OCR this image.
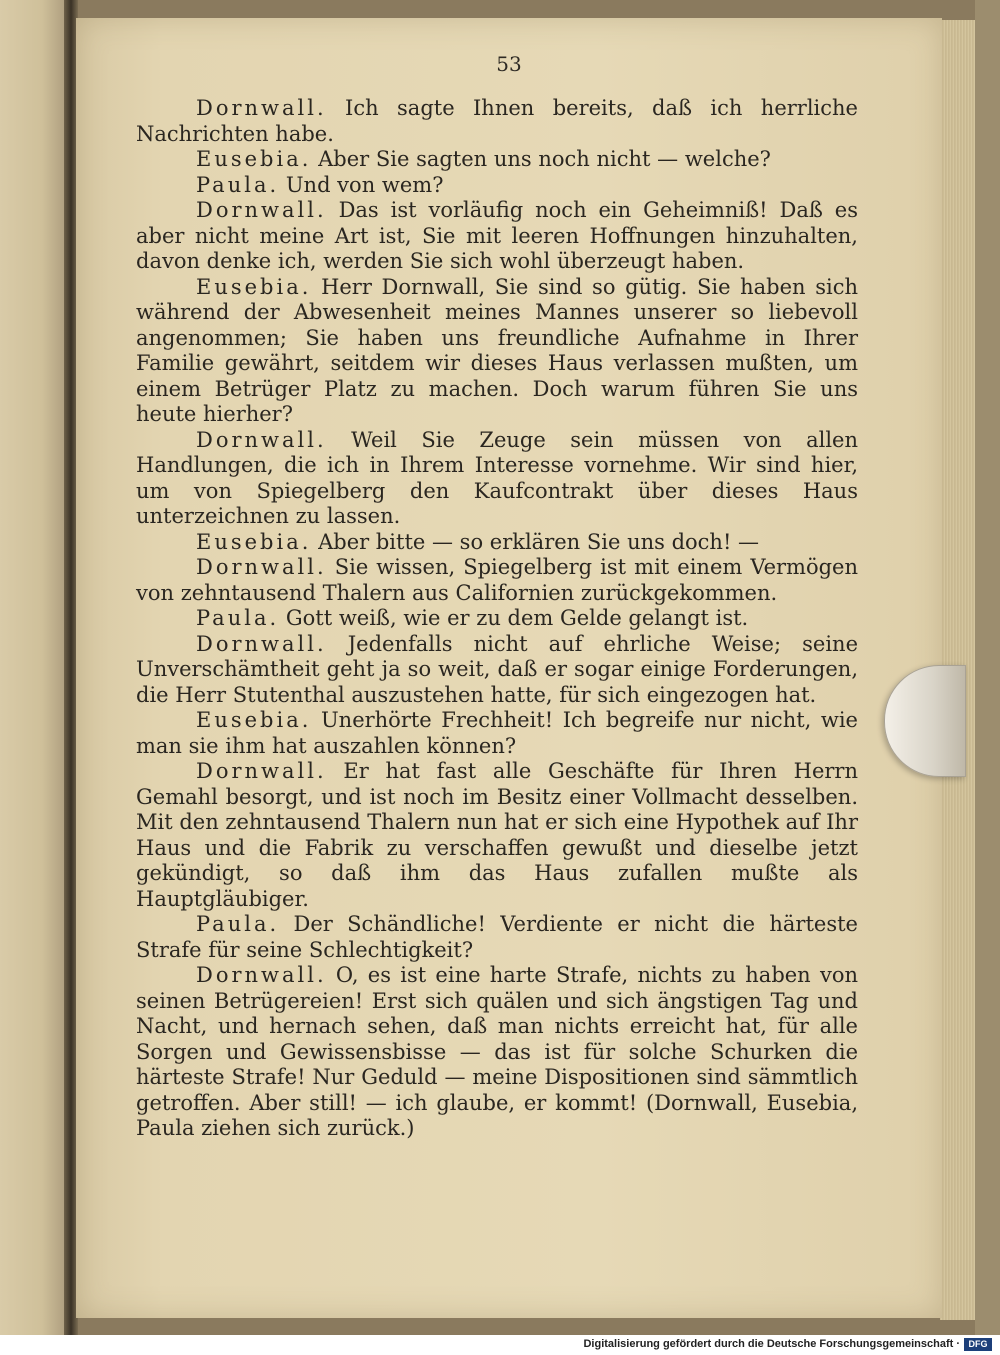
53

Dornwall. Ich sagte Ihnen bereits, daß ich herrliche Nachrichten habe.

Eusebia. Aber Sie sagten uns noch nicht — welche?

Paula. Und von wem?

Dornwall. Das ist vorläufig noch ein Geheimniß! Daß es aber nicht meine Art ist, Sie mit leeren Hoffnungen hinzuhalten, davon denke ich, werden Sie sich wohl überzeugt haben.

Eusebia. Herr Dornwall, Sie sind so gütig. Sie haben sich während der Abwesenheit meines Mannes unserer so liebevoll angenommen; Sie haben uns freundliche Aufnahme in Ihrer Familie gewährt, seitdem wir dieses Haus verlassen mußten, um einem Betrüger Platz zu machen. Doch warum führen Sie uns heute hierher?

Dornwall. Weil Sie Zeuge sein müssen von allen Handlungen, die ich in Ihrem Interesse vornehme. Wir sind hier, um von Spiegelberg den Kaufcontrakt über dieses Haus unterzeichnen zu lassen.

Eusebia. Aber bitte — so erklären Sie uns doch! —

Dornwall. Sie wissen, Spiegelberg ist mit einem Vermögen von zehntausend Thalern aus Californien zurückgekommen.

Paula. Gott weiß, wie er zu dem Gelde gelangt ist.

Dornwall. Jedenfalls nicht auf ehrliche Weise; seine Unverschämtheit geht ja so weit, daß er sogar einige Forderungen, die Herr Stutenthal auszustehen hatte, für sich eingezogen hat.

Eusebia. Unerhörte Frechheit! Ich begreife nur nicht, wie man sie ihm hat auszahlen können?

Dornwall. Er hat fast alle Geschäfte für Ihren Herrn Gemahl besorgt, und ist noch im Besitz einer Vollmacht desselben. Mit den zehntausend Thalern nun hat er sich eine Hypothek auf Ihr Haus und die Fabrik zu verschaffen gewußt und dieselbe jetzt gekündigt, so daß ihm das Haus zufallen mußte als Hauptgläubiger.

Paula. Der Schändliche! Verdiente er nicht die härteste Strafe für seine Schlechtigkeit?

Dornwall. O, es ist eine harte Strafe, nichts zu haben von seinen Betrügereien! Erst sich quälen und sich ängstigen Tag und Nacht, und hernach sehen, daß man nichts erreicht hat, für alle Sorgen und Gewissensbisse — das ist für solche Schurken die härteste Strafe! Nur Geduld — meine Dispositionen sind sämmtlich getroffen. Aber still! — ich glaube, er kommt! (Dornwall, Eusebia, Paula ziehen sich zurück.)

Digitalisierung gefördert durch die Deutsche Forschungsgemeinschaft · DFG
